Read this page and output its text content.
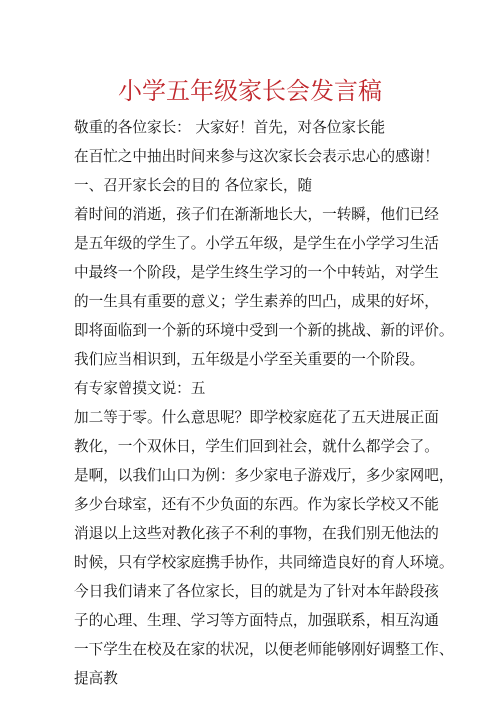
小学五年级家长会发言稿
敬重的各位家长： 大家好！首先，对各位家长能
在百忙之中抽出时间来参与这次家长会表示忠心的感谢！
一、召开家长会的目的 各位家长，随
着时间的消逝，孩子们在渐渐地长大，一转瞬，他们已经
是五年级的学生了。小学五年级，是学生在小学学习生活
中最终一个阶段，是学生终生学习的一个中转站，对学生
的一生具有重要的意义；学生素养的凹凸，成果的好坏，
即将面临到一个新的环境中受到一个新的挑战、新的评价。
我们应当相识到，五年级是小学至关重要的一个阶段。
有专家曾摸文说：五
加二等于零。什么意思呢？即学校家庭花了五天进展正面
教化，一个双休日，学生们回到社会，就什么都学会了。
是啊，以我们山口为例：多少家电子游戏厅，多少家网吧，
多少台球室，还有不少负面的东西。作为家长学校又不能
消退以上这些对教化孩子不利的事物，在我们别无他法的
时候，只有学校家庭携手协作，共同缔造良好的育人环境。
今日我们请来了各位家长，目的就是为了针对本年龄段孩
子的心理、生理、学习等方面特点，加强联系，相互沟通
一下学生在校及在家的状况，以便老师能够刚好调整工作、
提高教
